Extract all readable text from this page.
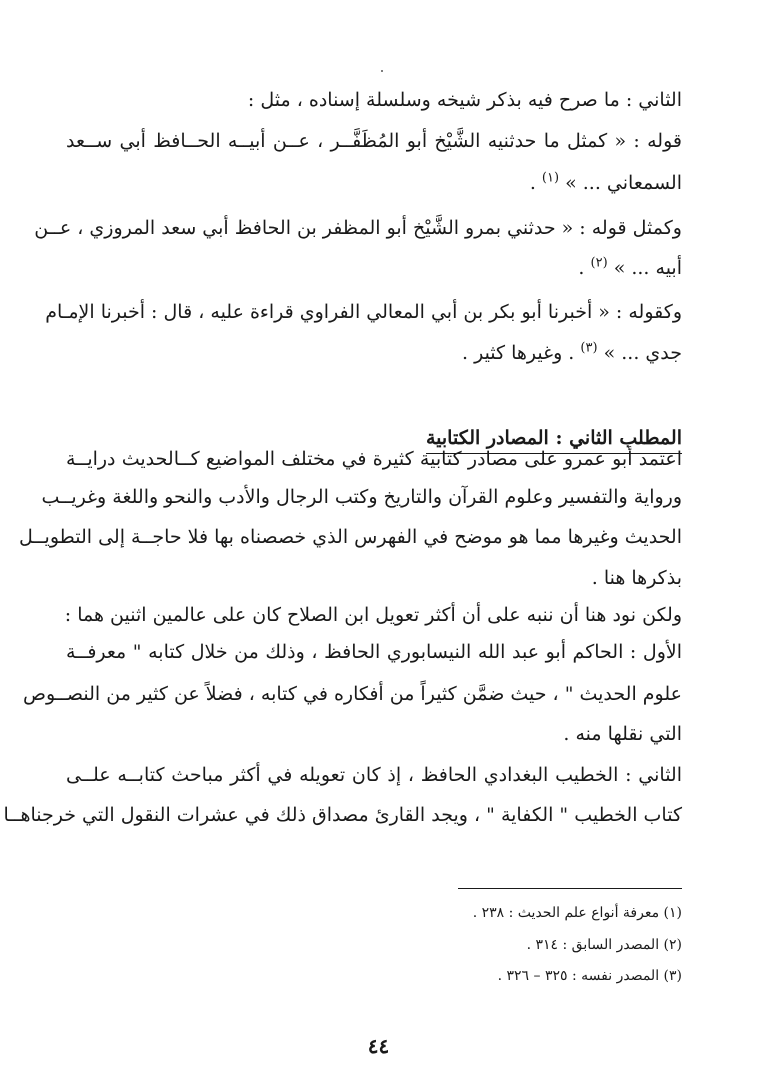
الثاني : ما صرح فيه بذكر شيخه وسلسلة إسناده ، مثل :
قوله : « كمثل ما حدثنيه الشَّيْخ أبو المُظَفَّــر ، عــن أبيــه الحــافظ أبي ســعد
السمعاني ... » $^{(١)}$ .
وكمثل قوله : « حدثني بمرو الشَّيْخ أبو المظفر بن الحافظ أبي سعد المروزي ، عــن
أبيه ... » $^{(٢)}$ .
وكقوله : « أخبرنا أبو بكر بن أبي المعالي الفراوي قراءة عليه ، قال : أخبرنا الإمـام
جدي ... » $^{(٣)}$ . وغيرها كثير .
المطلب الثاني : المصادر الكتابية
اعتمد أبو عمرو على مصادر كتابية كثيرة في مختلف المواضيع كــالحديث درايــة
ورواية والتفسير وعلوم القرآن والتاريخ وكتب الرجال والأدب والنحو واللغة وغريــب
الحديث وغيرها مما هو موضح في الفهرس الذي خصصناه بها فلا حاجــة إلى التطويــل
بذكرها هنا .
ولكن نود هنا أن ننبه على أن أكثر تعويل ابن الصلاح كان على عالمين اثنين هما :
الأول : الحاكم أبو عبد الله النيسابوري الحافظ ، وذلك من خلال كتابه " معرفــة
علوم الحديث " ، حيث ضمَّن كثيراً من أفكاره في كتابه ، فضلاً عن كثير من النصــوص
التي نقلها منه .
الثاني : الخطيب البغدادي الحافظ ، إذ كان تعويله في أكثر مباحث كتابــه علــى
كتاب الخطيب " الكفاية " ، ويجد القارئ مصداق ذلك في عشرات النقول التي خرجناهــا
(١) معرفة أنواع علم الحديث : ٢٣٨ .
(٢) المصدر السابق : ٣١٤ .
(٣) المصدر نفسه : ٣٢٥ – ٣٢٦ .
٤٤
